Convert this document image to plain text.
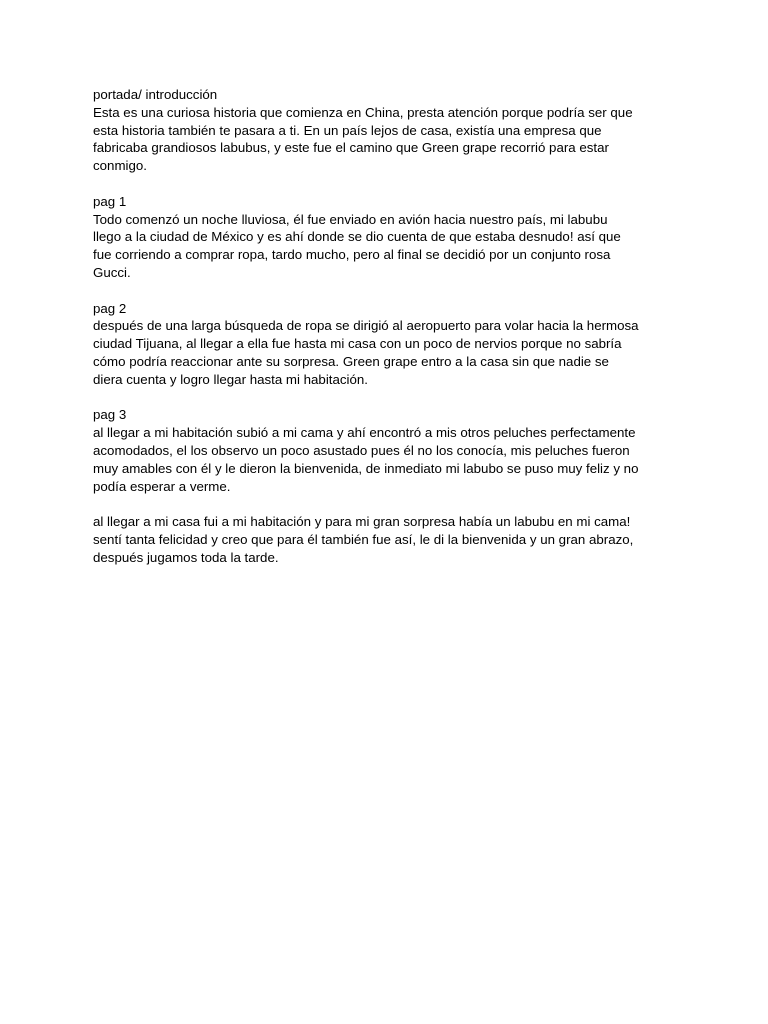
portada/ introducción
Esta es una curiosa historia que comienza en China, presta atención porque podría ser que
esta historia también te pasara a ti. En un país lejos de casa, existía una empresa que
fabricaba grandiosos labubus, y este fue el camino que Green grape recorrió para estar
conmigo.
pag 1
Todo comenzó un noche lluviosa, él fue enviado en avión hacia nuestro país, mi labubu
llego a la ciudad de México y es ahí donde se dio cuenta de que estaba desnudo! así que
fue corriendo a comprar ropa, tardo mucho, pero al final se decidió por un conjunto rosa
Gucci.
pag 2
después de una larga búsqueda de ropa se dirigió al aeropuerto para volar hacia la hermosa
ciudad Tijuana, al llegar a ella fue hasta mi casa con un poco de nervios porque no sabría
cómo podría reaccionar ante su sorpresa. Green grape entro a la casa sin que nadie se
diera cuenta y logro llegar hasta mi habitación.
pag 3
al llegar a mi habitación subió a mi cama y ahí encontró a mis otros peluches perfectamente
acomodados, el los observo un poco asustado pues él no los conocía, mis peluches fueron
muy amables con él y le dieron la bienvenida, de inmediato mi labubo se puso muy feliz y no
podía esperar a verme.
al llegar a mi casa fui a mi habitación y para mi gran sorpresa había un labubu en mi cama!
sentí tanta felicidad y creo que para él también fue así, le di la bienvenida y un gran abrazo,
después jugamos toda la tarde.
